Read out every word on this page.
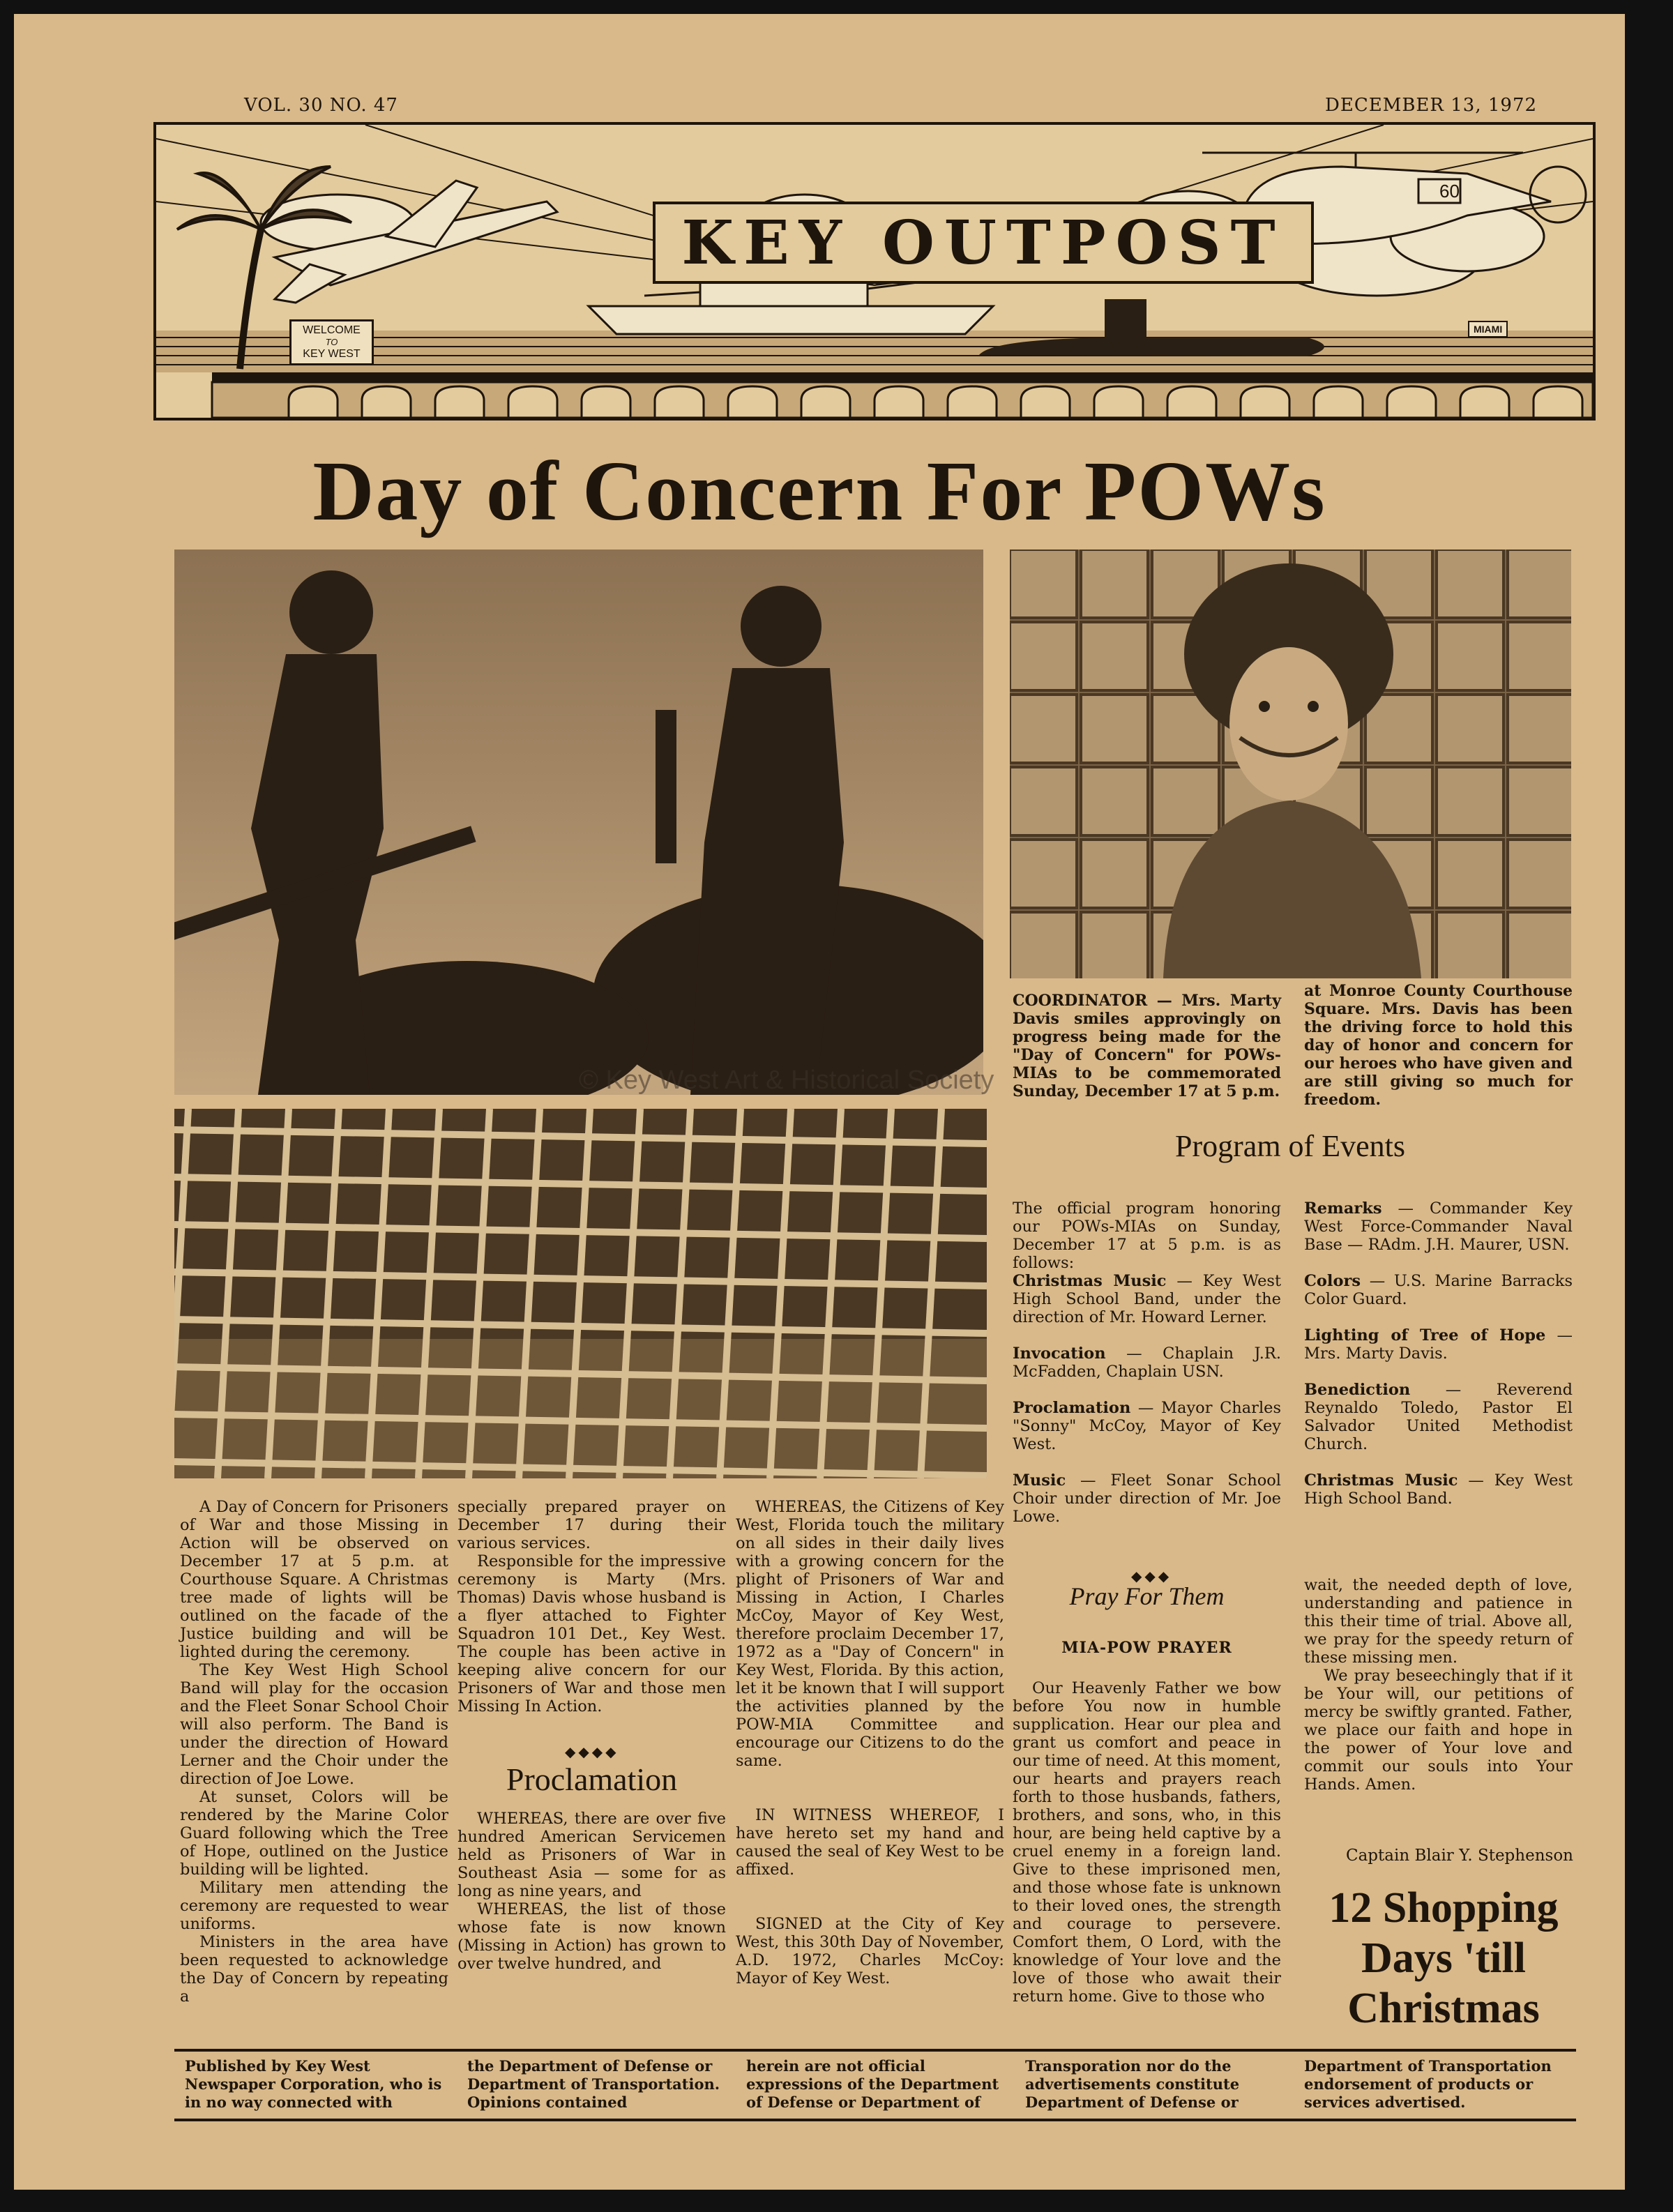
VOL. 30 NO. 47	DECEMBER 13, 1972
60
KEY OUTPOST
WELCOME
TO
KEY WEST
MIAMI
Day of Concern For POWs
© Key West Art & Historical Society
COORDINATOR — Mrs. Marty Davis smiles approvingly on progress being made for the "Day of Concern" for POWs-MIAs to be commemorated Sunday, December 17 at 5 p.m.
at Monroe County Courthouse Square. Mrs. Davis has been the driving force to hold this day of honor and concern for our heroes who have given and are still giving so much for freedom.
Program of Events
The official program honoring our POWs-MIAs on Sunday, December 17 at 5 p.m. is as follows:
Christmas Music — Key West High School Band, under the direction of Mr. Howard Lerner.
Invocation — Chaplain J.R. McFadden, Chaplain USN.
Proclamation — Mayor Charles "Sonny" McCoy, Mayor of Key West.
Music — Fleet Sonar School Choir under direction of Mr. Joe Lowe.
Remarks — Commander Key West Force-Commander Naval Base — RAdm. J.H. Maurer, USN.
Colors — U.S. Marine Barracks Color Guard.
Lighting of Tree of Hope — Mrs. Marty Davis.
Benediction — Reverend Reynaldo Toledo, Pastor El Salvador United Methodist Church.
Christmas Music — Key West High School Band.

A Day of Concern for Prisoners of War and those Missing in Action will be observed on December 17 at 5 p.m. at Courthouse Square. A Christmas tree made of lights will be outlined on the facade of the Justice building and will be lighted during the ceremony.

The Key West High School Band will play for the occasion and the Fleet Sonar School Choir will also perform. The Band is under the direction of Howard Lerner and the Choir under the direction of Joe Lowe.

At sunset, Colors will be rendered by the Marine Color Guard following which the Tree of Hope, outlined on the Justice building will be lighted.

Military men attending the ceremony are requested to wear uniforms.

Ministers in the area have been requested to acknowledge the Day of Concern by repeating a

specially prepared prayer on December 17 during their various services.

Responsible for the impressive ceremony is Marty (Mrs. Thomas) Davis whose husband is a flyer attached to Fighter Squadron 101 Det., Key West. The couple has been active in keeping alive concern for our Prisoners of War and those men Missing In Action.

◆◆◆◆
Proclamation

WHEREAS, there are over five hundred American Servicemen held as Prisoners of War in Southeast Asia — some for as long as nine years, and

WHEREAS, the list of those whose fate is now known (Missing in Action) has grown to over twelve hundred, and

WHEREAS, the Citizens of Key West, Florida touch the military on all sides in their daily lives with a growing concern for the plight of Prisoners of War and Missing in Action, I Charles McCoy, Mayor of Key West, therefore proclaim December 17, 1972 as a "Day of Concern" in Key West, Florida. By this action, let it be known that I will support the activities planned by the POW-MIA Committee and encourage our Citizens to do the same.

IN WITNESS WHEREOF, I have hereto set my hand and caused the seal of Key West to be affixed.

SIGNED at the City of Key West, this 30th Day of November, A.D. 1972, Charles McCoy: Mayor of Key West.

◆◆◆
Pray For Them
MIA-POW PRAYER

Our Heavenly Father we bow before You now in humble supplication. Hear our plea and grant us comfort and peace in our time of need. At this moment, our hearts and prayers reach forth to those husbands, fathers, brothers, and sons, who, in this hour, are being held captive by a cruel enemy in a foreign land. Give to these imprisoned men, and those whose fate is unknown to their loved ones, the strength and courage to persevere. Comfort them, O Lord, with the knowledge of Your love and the love of those who await their return home. Give to those who

wait, the needed depth of love, understanding and patience in this their time of trial. Above all, we pray for the speedy return of these missing men.

We pray beseechingly that if it be Your will, our petitions of mercy be swiftly granted. Father, we place our faith and hope in the power of Your love and commit our souls into Your Hands. Amen.

Captain Blair Y. Stephenson
12 Shopping
Days 'till
Christmas
Published by Key West Newspaper Corporation, who is in no way connected with
the Department of Defense or Department of Transportation. Opinions contained
herein are not official expressions of the Department of Defense or Department of
Transporation nor do the advertisements constitute Department of Defense or
Department of Transportation endorsement of products or services advertised.
